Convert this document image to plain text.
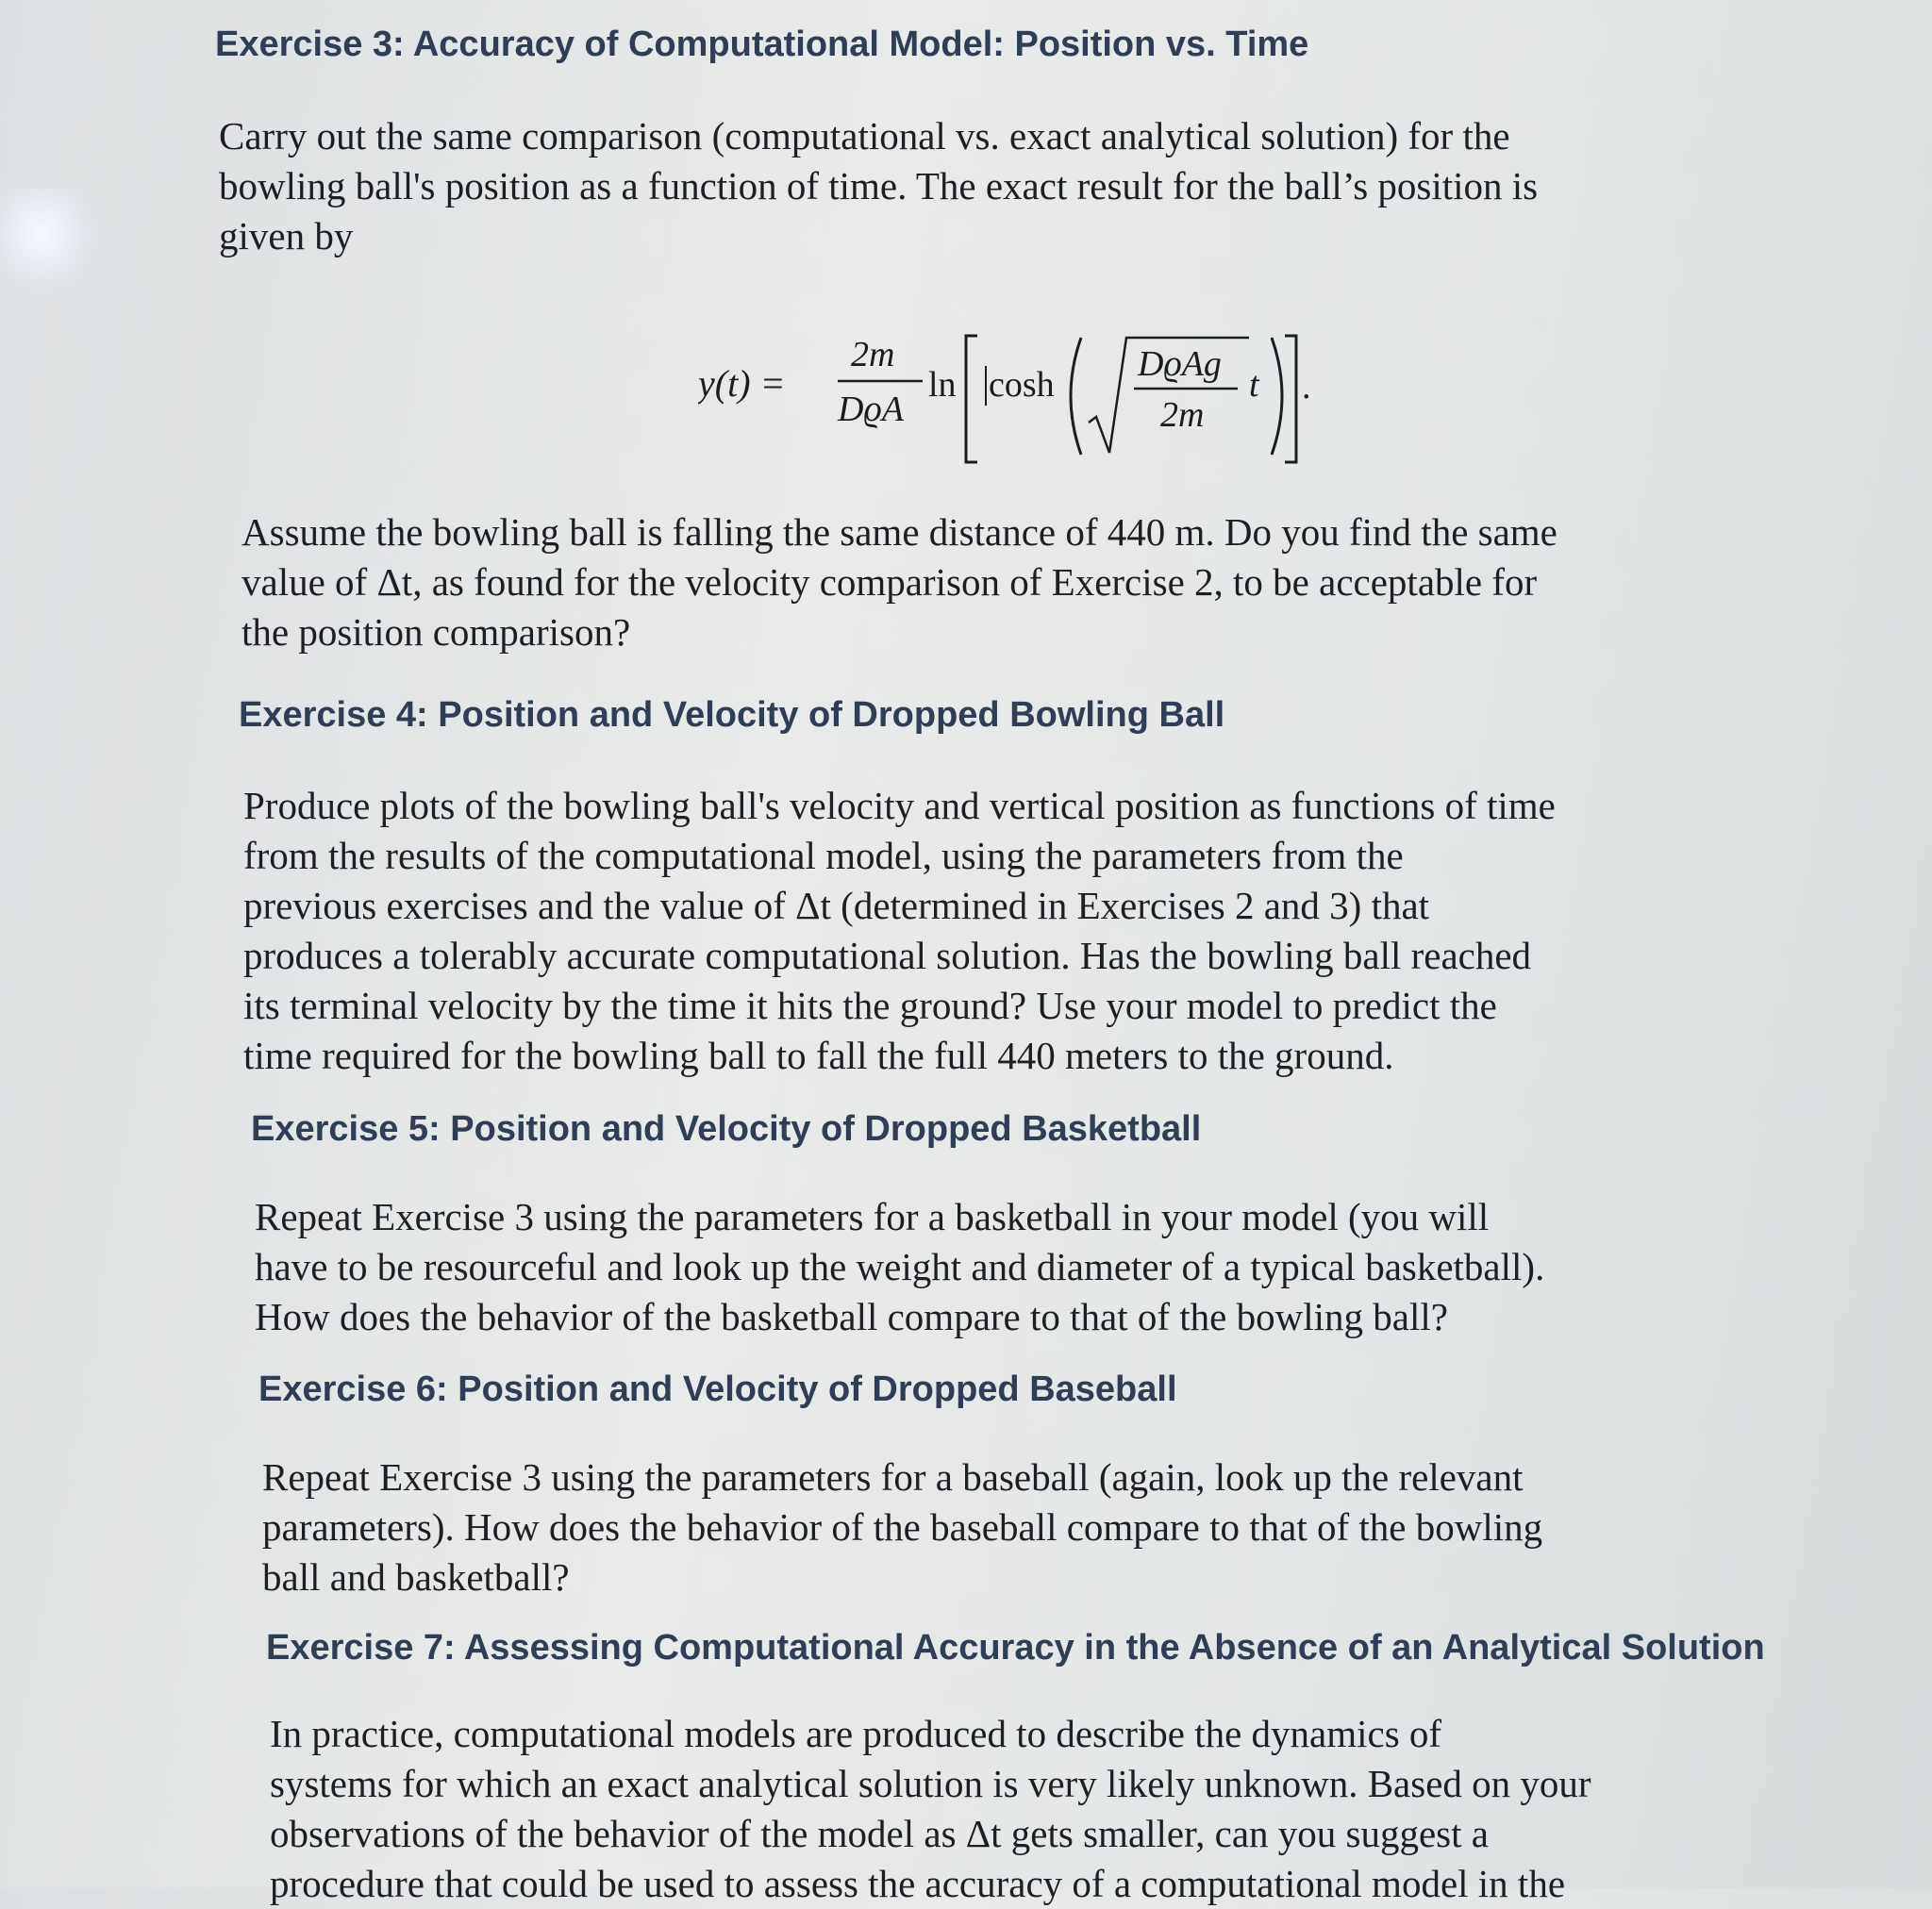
Exercise 3: Accuracy of Computational Model: Position vs. Time
Carry out the same comparison (computational vs. exact analytical solution) for the
bowling ball's position as a function of time. The exact result for the ball’s position is
given by
y(t) =
2m
DϱA
ln cosh
DϱAg
2m
t .
Assume the bowling ball is falling the same distance of 440 m. Do you find the same
value of Δt, as found for the velocity comparison of Exercise 2, to be acceptable for
the position comparison?
Exercise 4: Position and Velocity of Dropped Bowling Ball
Produce plots of the bowling ball's velocity and vertical position as functions of time
from the results of the computational model, using the parameters from the
previous exercises and the value of Δt (determined in Exercises 2 and 3) that
produces a tolerably accurate computational solution. Has the bowling ball reached
its terminal velocity by the time it hits the ground? Use your model to predict the
time required for the bowling ball to fall the full 440 meters to the ground.
Exercise 5: Position and Velocity of Dropped Basketball
Repeat Exercise 3 using the parameters for a basketball in your model (you will
have to be resourceful and look up the weight and diameter of a typical basketball).
How does the behavior of the basketball compare to that of the bowling ball?
Exercise 6: Position and Velocity of Dropped Baseball
Repeat Exercise 3 using the parameters for a baseball (again, look up the relevant
parameters). How does the behavior of the baseball compare to that of the bowling
ball and basketball?
Exercise 7: Assessing Computational Accuracy in the Absence of an Analytical Solution
In practice, computational models are produced to describe the dynamics of
systems for which an exact analytical solution is very likely unknown. Based on your
observations of the behavior of the model as Δt gets smaller, can you suggest a
procedure that could be used to assess the accuracy of a computational model in the
